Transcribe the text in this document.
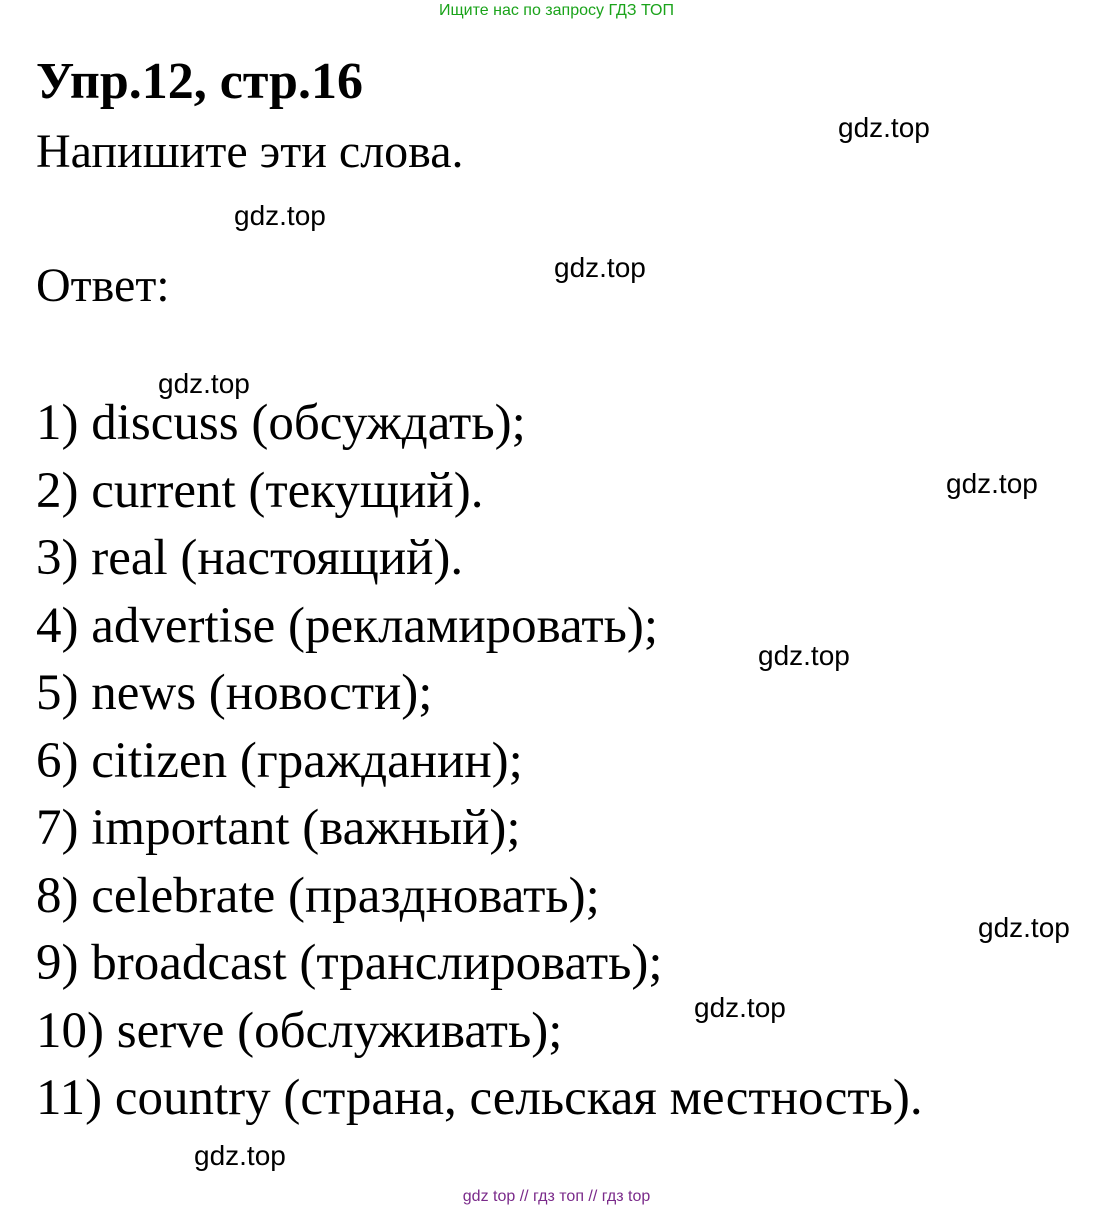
Ищите нас по запросу ГДЗ ТОП
Упр.12, стр.16
Напишите эти слова.
Ответ:
1) discuss (обсуждать);
2) current (текущий).
3) real (настоящий).
4) advertise (рекламировать);
5) news (новости);
6) citizen (гражданин);
7) important (важный);
8) celebrate (праздновать);
9) broadcast (транслировать);
10) serve (обслуживать);
11) country (страна, сельская местность).
gdz.top
gdz.top
gdz.top
gdz.top
gdz.top
gdz.top
gdz.top
gdz.top
gdz.top
gdz top // гдз топ // гдз top
